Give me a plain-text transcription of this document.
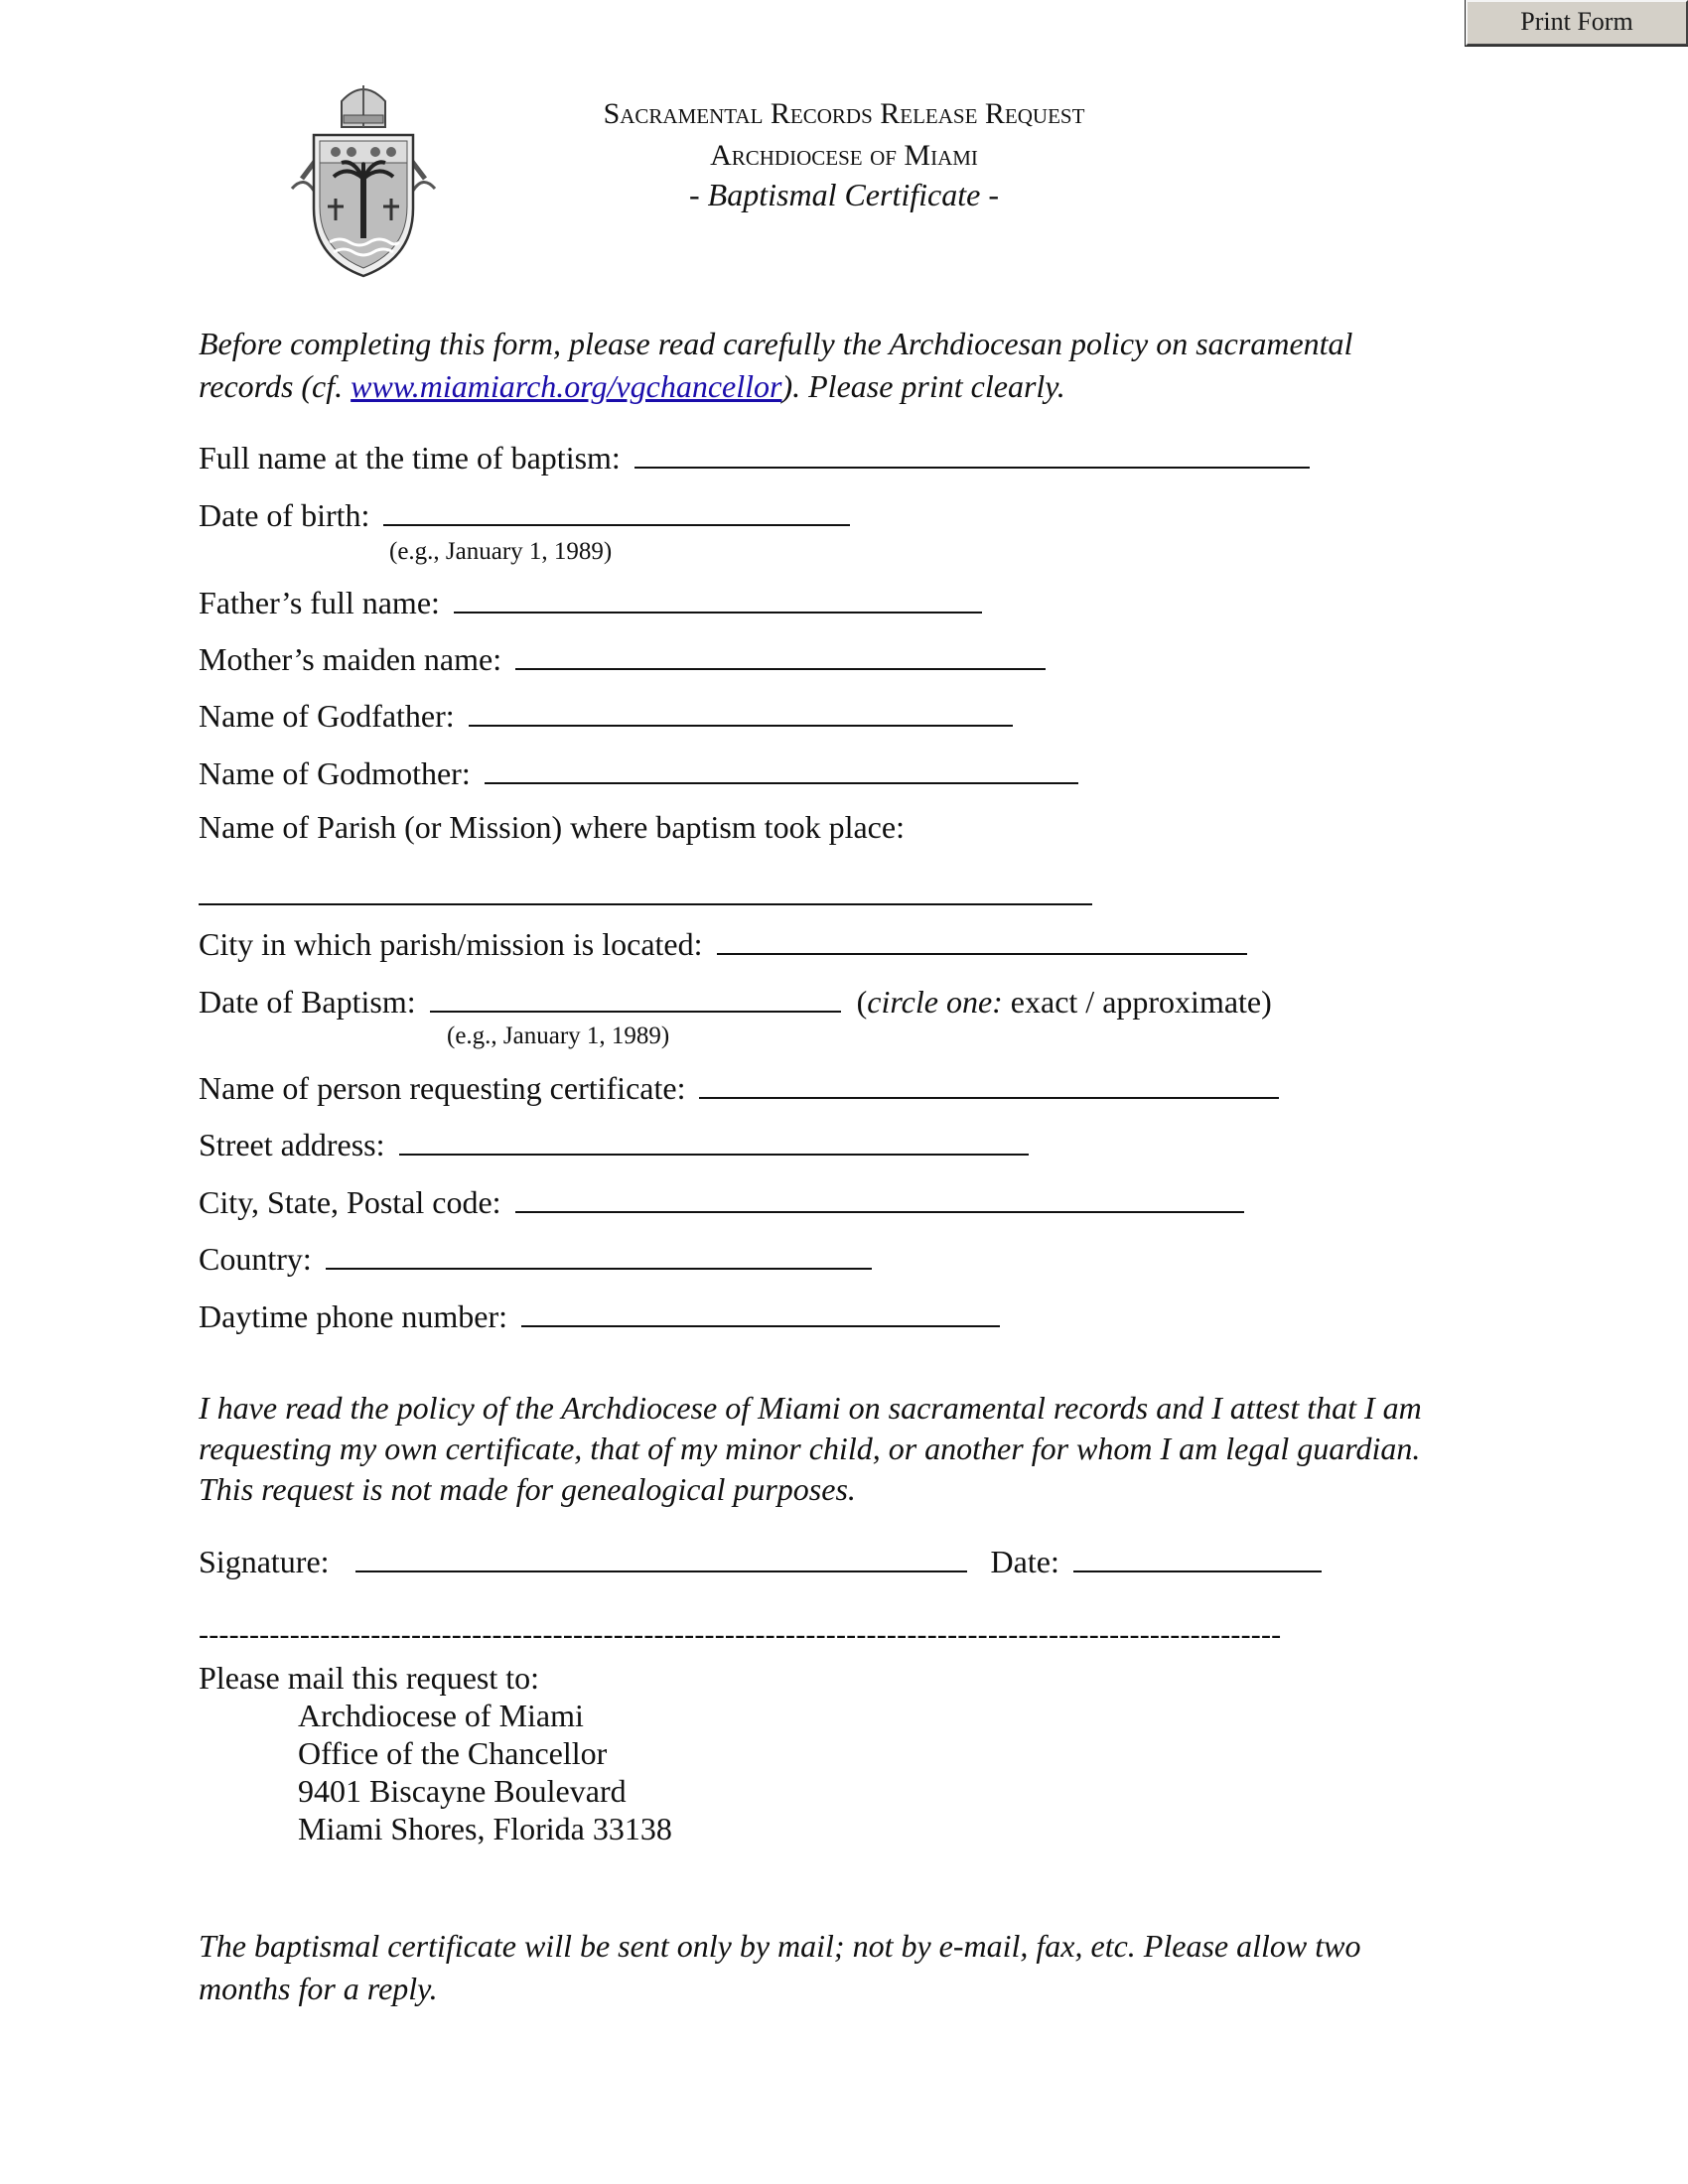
Print Form
Sacramental Records Release Request
Archdiocese of Miami
- Baptismal Certificate -
Before completing this form, please read carefully the Archdiocesan policy on sacramental
records (cf. www.miamiarch.org/vgchancellor). Please print clearly.
Full name at the time of baptism:
Date of birth:
(e.g., January 1, 1989)
Father’s full name:
Mother’s maiden name:
Name of Godfather:
Name of Godmother:
Name of Parish (or Mission) where baptism took place:
City in which parish/mission is located:
Date of Baptism:	(circle one: exact / approximate)
(e.g., January 1, 1989)
Name of person requesting certificate:
Street address:
City, State, Postal code:
Country:
Daytime phone number:
I have read the policy of the Archdiocese of Miami on sacramental records and I attest that I am
requesting my own certificate, that of my minor child, or another for whom I am legal guardian.
This request is not made for genealogical purposes.
Signature:	Date:
-----------------------------------------------------------------------------------------------------------
Please mail this request to:
Archdiocese of Miami
Office of the Chancellor
9401 Biscayne Boulevard
Miami Shores, Florida 33138
The baptismal certificate will be sent only by mail; not by e-mail, fax, etc. Please allow two
months for a reply.
